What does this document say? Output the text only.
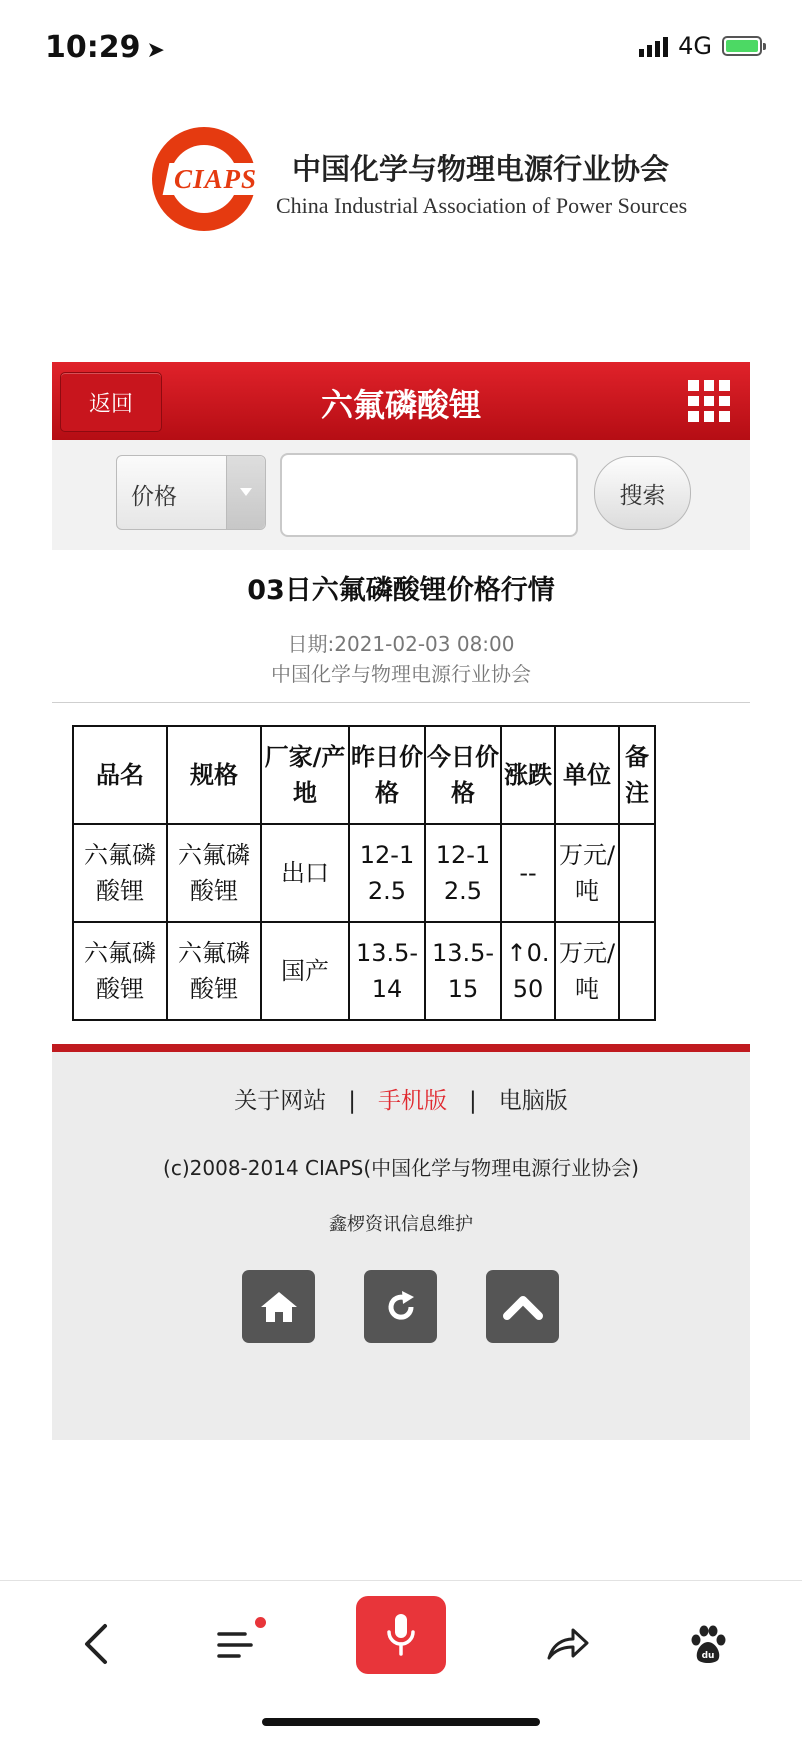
10:29 ➤	4G
CIAPS 中国化学与物理电源行业协会
China Industrial Association of Power Sources
返回	六氟磷酸锂
价格	搜索
03日六氟磷酸锂价格行情
日期:2021-02-03 08:00
中国化学与物理电源行业协会
品名	规格	厂家/产地	昨日价格	今日价格	涨跌	单位	备注
六氟磷酸锂	六氟磷酸锂	出口	12-12.5	12-12.5	--	万元/吨	
六氟磷酸锂	六氟磷酸锂	国产	13.5-14	13.5-15	↑0.50	万元/吨	
关于网站 | 手机版 | 电脑版
(c)2008-2014 CIAPS(中国化学与物理电源行业协会)
鑫椤资讯信息维护
du
